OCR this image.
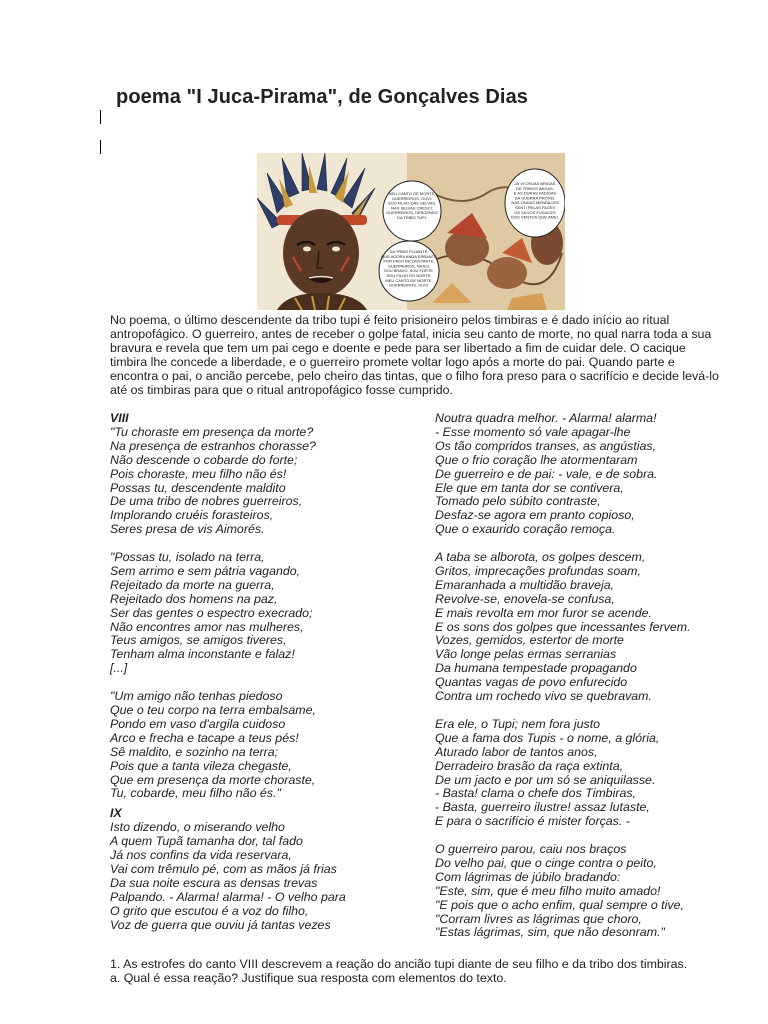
poema "I Juca-Pirama", de Gonçalves Dias
NEU CANTO DE MORTE, GUERREIROS, OUVI: SOU FILHO DAS SELVAS, NAS SELVAS CRESCI; GUERREIROS, DESCENDO DA TRIBO TUPI.
DA TRIBO PUJANTE, QUE AGORA ANDA ERRANTE POR FADO INCONSTANTE, GUERREIROS, NASCI; SOU BRAVO, SOU FORTE, SOU FILHO DO NORTE; MEU CANTO DE MORTE, GUERREIROS, OUVI.
JÁ VI CRUAS BRIGAS DE TRIBOS IMIGAS, E AS DURAS FADIGAS DA GUERRA PROVEI; NAS ONDAS MENDACES SENTI PELAS FACES OS SILVOS FUGACES DOS VENTOS QUE AMEI.

No poema, o último descendente da tribo tupi é feito prisioneiro pelos timbiras e é dado início ao ritual antropofágico. O guerreiro, antes de receber o golpe fatal, inicia seu canto de morte, no qual narra toda a sua bravura e revela que tem um pai cego e doente e pede para ser libertado a fim de cuidar dele. O cacique timbira lhe concede a liberdade, e o guerreiro promete voltar logo após a morte do pai. Quando parte e encontra o pai, o ancião percebe, pelo cheiro das tintas, que o filho fora preso para o sacrifício e decide levá-lo até os timbiras para que o ritual antropofágico fosse cumprido.

VIII
"Tu choraste em presença da morte?
Na presença de estranhos chorasse?
Não descende o cobarde do forte;
Pois choraste, meu filho não és!
Possas tu, descendente maldito
De uma tribo de nobres guerreiros,
Implorando cruéis forasteiros,
Seres presa de vis Aimorés.
"Possas tu, isolado na terra,
Sem arrimo e sem pátria vagando,
Rejeitado da morte na guerra,
Rejeitado dos homens na paz,
Ser das gentes o espectro execrado;
Não encontres amor nas mulheres,
Teus amigos, se amigos tiveres,
Tenham alma inconstante e falaz!
[...]
"Um amigo não tenhas piedoso
Que o teu corpo na terra embalsame,
Pondo em vaso d'argila cuidoso
Arco e frecha e tacape a teus pés!
Sê maldito, e sozinho na terra;
Pois que a tanta vileza chegaste,
Que em presença da morte choraste,
Tu, cobarde, meu filho não és."
IX
Isto dizendo, o miserando velho
A quem Tupã tamanha dor, tal fado
Já nos confins da vida reservara,
Vai com trêmulo pé, com as mãos já frias
Da sua noite escura as densas trevas
Palpando. - Alarma! alarma! - O velho para
O grito que escutou é a voz do filho,
Voz de guerra que ouviu já tantas vezes
Noutra quadra melhor. - Alarma! alarma!
- Esse momento só vale apagar-lhe
Os tão compridos transes, as angústias,
Que o frio coração lhe atormentaram
De guerreiro e de pai: - vale, e de sobra.
Ele que em tanta dor se contivera,
Tomado pelo súbito contraste,
Desfaz-se agora em pranto copioso,
Que o exaurido coração remoça.
A taba se alborota, os golpes descem,
Gritos, imprecações profundas soam,
Emaranhada a multidão braveja,
Revolve-se, enovela-se confusa,
E mais revolta em mor furor se acende.
E os sons dos golpes que incessantes fervem.
Vozes, gemidos, estertor de morte
Vão longe pelas ermas serranias
Da humana tempestade propagando
Quantas vagas de povo enfurecido
Contra um rochedo vivo se quebravam.
Era ele, o Tupi; nem fora justo
Que a fama dos Tupis - o nome, a glória,
Aturado labor de tantos anos,
Derradeiro brasão da raça extinta,
De um jacto e por um só se aniquilasse.
- Basta! clama o chefe dos Timbiras,
- Basta, guerreiro ilustre! assaz lutaste,
E para o sacrifício é mister forças. -
O guerreiro parou, caiu nos braços
Do velho pai, que o cinge contra o peito,
Com lágrimas de júbilo bradando:
"Este, sim, que é meu filho muito amado!
"E pois que o acho enfim, qual sempre o tive,
"Corram livres as lágrimas que choro,
"Estas lágrimas, sim, que não desonram."
1. As estrofes do canto VIII descrevem a reação do ancião tupi diante de seu filho e da tribo dos timbiras.
a. Qual é essa reação? Justifique sua resposta com elementos do texto.
